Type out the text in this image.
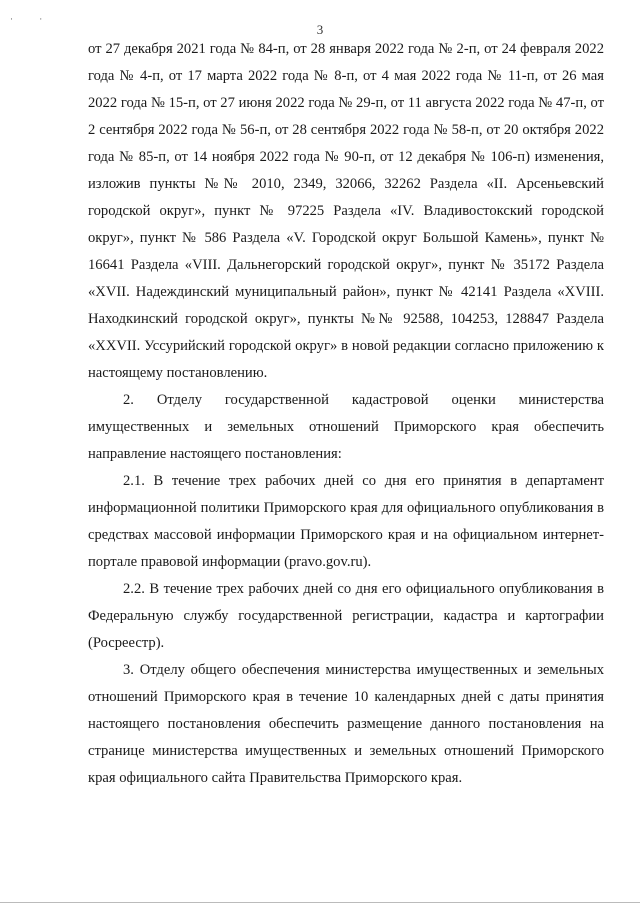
· ·
3

от 27 декабря 2021 года № 84-п, от 28 января 2022 года № 2-п, от 24 февраля 2022 года № 4-п, от 17 марта 2022 года № 8-п, от 4 мая 2022 года № 11-п, от 26 мая 2022 года № 15-п, от 27 июня 2022 года № 29-п, от 11 августа 2022 года № 47-п, от 2 сентября 2022 года № 56-п, от 28 сентября 2022 года № 58-п, от 20 октября 2022 года № 85-п, от 14 ноября 2022 года № 90-п, от 12 декабря № 106-п) изменения, изложив пункты №№ 2010, 2349, 32066, 32262 Раздела «II. Арсеньевский городской округ», пункт № 97225 Раздела «IV. Владивостокский городской округ», пункт № 586 Раздела «V. Городской округ Большой Камень», пункт № 16641 Раздела «VIII. Дальнегорский городской округ», пункт № 35172 Раздела «XVII. Надеждинский муниципальный район», пункт № 42141 Раздела «XVIII. Находкинский городской округ», пункты №№ 92588, 104253, 128847 Раздела «XXVII. Уссурийский городской округ» в новой редакции согласно приложению к настоящему постановлению.

2. Отделу государственной кадастровой оценки министерства имущественных и земельных отношений Приморского края обеспечить направление настоящего постановления:

2.1. В течение трех рабочих дней со дня его принятия в департамент информационной политики Приморского края для официального опубликования в средствах массовой информации Приморского края и на официальном интернет-портале правовой информации (pravo.gov.ru).

2.2. В течение трех рабочих дней со дня его официального опубликования в Федеральную службу государственной регистрации, кадастра и картографии (Росреестр).

3. Отделу общего обеспечения министерства имущественных и земельных отношений Приморского края в течение 10 календарных дней с даты принятия настоящего постановления обеспечить размещение данного постановления на странице министерства имущественных и земельных отношений Приморского края официального сайта Правительства Приморского края.
